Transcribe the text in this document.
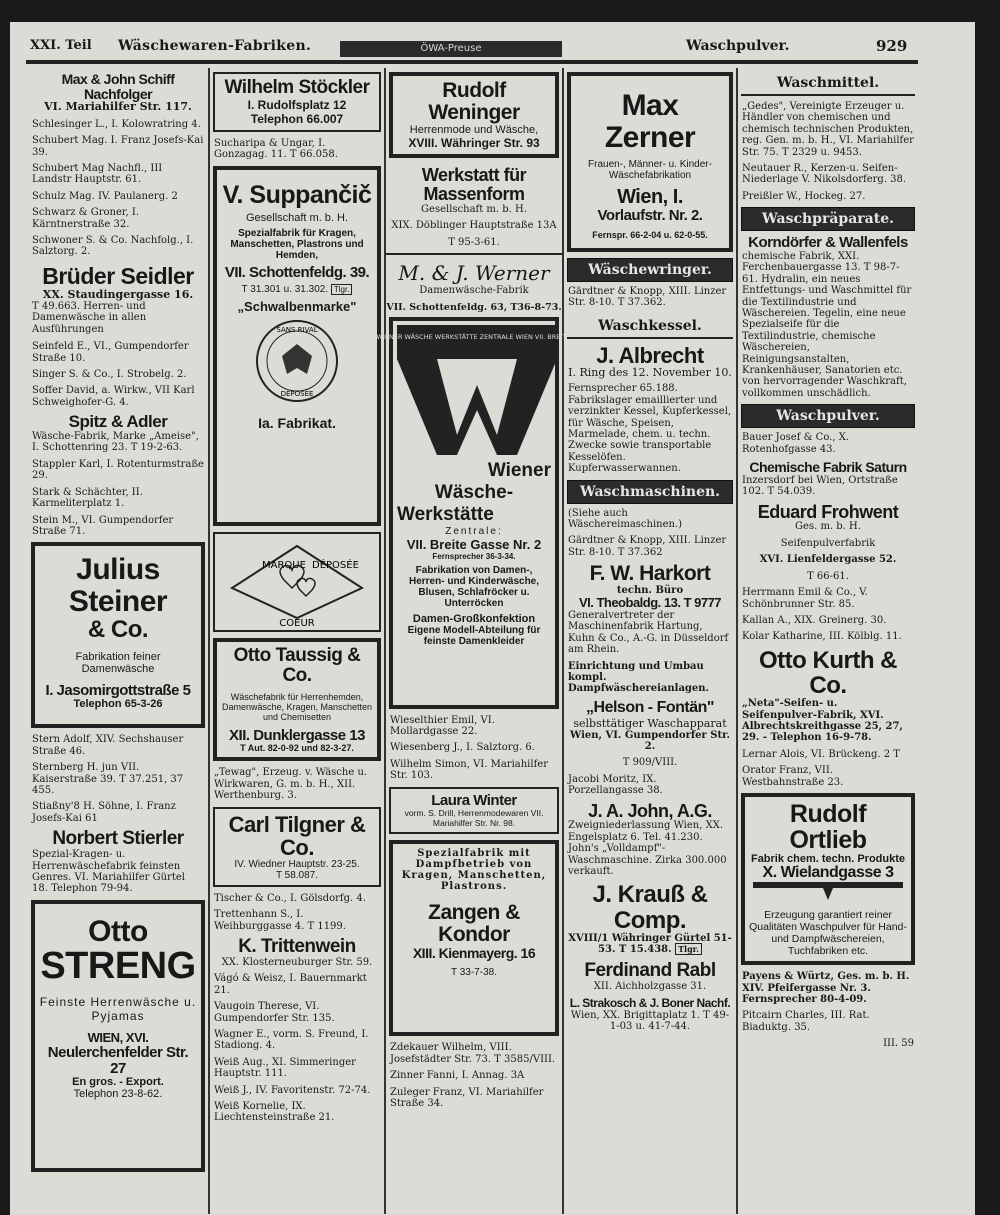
XXI. Teil Wäschewaren-Fabriken.	ÖWA-Preuse	Waschpulver.	929
Max & John Schiff
Nachfolger
VI. Mariahilfer Str. 117.
Schlesinger L., I. Kolowratring 4.
Schubert Mag. I. Franz Josefs-Kai 39.
Schubert Mag Nachfl., III Landstr Hauptstr. 61.
Schulz Mag. IV. Paulanerg. 2
Schwarz & Groner, I. Kärntnerstraße 32.
Schwoner S. & Co. Nachfolg., I. Salztorg. 2.
Brüder Seidler
XX. Staudingergasse 16.
T 49.663. Herren- und Damenwäsche in allen Ausführungen
Seinfeld E., VI., Gumpendorfer Straße 10.
Singer S. & Co., I. Strobelg. 2.
Soffer David, a. Wirkw., VII Karl Schweighofer-G. 4.
Spitz & Adler
Wäsche-Fabrik, Marke „Ameise", I. Schottenring 23. T 19-2-63.
Stappler Karl, I. Rotenturmstraße 29.
Stark & Schächter, II. Karmeliterplatz 1.
Stein M., VI. Gumpendorfer Straße 71.
Julius Steiner
& Co.
Fabrikation feiner Damenwäsche
I. Jasomirgottstraße 5
Telephon 65-3-26
Stern Adolf, XIV. Sechshauser Straße 46.
Sternberg H. jun VII. Kaiserstraße 39. T 37.251, 37 455.
Stiaßny'8 H. Söhne, I. Franz Josefs-Kai 61
Norbert Stierler
Spezial-Kragen- u. Herrenwäschefabrik feinsten Genres. VI. Mariahilfer Gürtel 18. Telephon 79-94.
Otto
STRENG
Feinste Herrenwäsche u. Pyjamas
WIEN, XVI.
Neulerchenfelder Str. 27
En gros. - Export.
Telephon 23-8-62.
Wilhelm Stöckler
I. Rudolfsplatz 12
Telephon 66.007
Sucharipa & Ungar, I. Gonzagag. 11. T 66.058.
V. Suppančič
Gesellschaft m. b. H.
Spezialfabrik für Kragen, Manschetten, Plastrons und Hemden,
VII. Schottenfeldg. 39.
T 31.301 u. 31.302. Tlgr.
„Schwalbenmarke"
SANS RIVAL
DEPOSÉE
Ia. Fabrikat.
MARQUE DÉPOSÉE
COEUR
Otto Taussig & Co.
Wäschefabrik für Herrenhemden, Damenwäsche, Kragen, Manschetten und Chemisetten
XII. Dunklergasse 13
T Aut. 82-0-92 und 82-3-27.
„Tewag", Erzeug. v. Wäsche u. Wirkwaren, G. m. b. H., XII. Werthenburg. 3.
Carl Tilgner & Co.
IV. Wiedner Hauptstr. 23-25.
T 58.087.
Tischer & Co., I. Gölsdorfg. 4.
Trettenhann S., I. Weihburggasse 4. T 1199.
K. Trittenwein
XX. Klosterneuburger Str. 59.
Vágó & Weisz, I. Bauernmarkt 21.
Vaugoin Therese, VI. Gumpendorfer Str. 135.
Wagner E., vorm. S. Freund, I. Stadiong. 4.
Weiß Aug., XI. Simmeringer Hauptstr. 111.
Weiß J., IV. Favoritenstr. 72-74.
Weiß Kornelie, IX. Liechtensteinstraße 21.
Rudolf Weninger
Herrenmode und Wäsche,
XVIII. Währinger Str. 93
Werkstatt für Massenform
Gesellschaft m. b. H.
XIX. Döblinger Hauptstraße 13A
T 95-3-61.
M. & J. Werner
Damenwäsche-Fabrik
VII. Schottenfeldg. 63, T36-8-73.
WIENER WÄSCHE WERKSTÄTTE ZENTRALE WIEN VII. BREITEG.
Wiener
Wäsche-
Werkstätte
Zentrale:
VII. Breite Gasse Nr. 2
Fernsprecher 36-3-34.
Fabrikation von Damen-, Herren- und Kinderwäsche, Blusen, Schlafröcker u. Unterröcken
Damen-Großkonfektion
Eigene Modell-Abteilung für feinste Damenkleider
Wieselthier Emil, VI. Mollardgasse 22.
Wiesenberg J., I. Salztorg. 6.
Wilhelm Simon, VI. Mariahilfer Str. 103.
Laura Winter
vorm. S. Drill, Herrenmodewaren VII. Mariahilfer Str. Nr. 98.
Spezialfabrik mit Dampfbetrieb von Kragen, Manschetten, Plastrons.
Zangen & Kondor
XIII. Kienmayerg. 16
T 33-7-38.
Zdekauer Wilhelm, VIII. Josefstädter Str. 73. T 3585/VIII.
Zinner Fanni, I. Annag. 3A
Zuleger Franz, VI. Mariahilfer Straße 34.
Max Zerner
Frauen-, Männer- u. Kinder-Wäschefabrikation
Wien, I.
Vorlaufstr. Nr. 2.
Fernspr. 66-2-04 u. 62-0-55.
Wäschewringer.
Gärdtner & Knopp, XIII. Linzer Str. 8-10. T 37.362.
Waschkessel.
J. Albrecht
I. Ring des 12. November 10.
Fernsprecher 65.188. Fabrikslager emaillierter und verzinkter Kessel, Kupferkessel, für Wäsche, Speisen, Marmelade, chem. u. techn. Zwecke sowie transportable Kesselöfen. Kupferwasserwannen.
Waschmaschinen.
(Siehe auch Wäschereimaschinen.)
Gärdtner & Knopp, XIII. Linzer Str. 8-10. T 37.362
F. W. Harkort
techn. Büro
VI. Theobaldg. 13. T 9777
Generalvertreter der Maschinenfabrik Hartung, Kuhn & Co., A.-G. in Düsseldorf am Rhein.
Einrichtung und Umbau kompl. Dampfwäschereianlagen.
„Helson - Fontän"
selbsttätiger Waschapparat
Wien, VI. Gumpendorfer Str. 2.
T 909/VIII.
Jacobi Moritz, IX. Porzellangasse 38.
J. A. John, A.G.
Zweigniederlassung Wien, XX. Engelsplatz 6. Tel. 41.230. John's „Volldampf"-Waschmaschine. Zirka 300.000 verkauft.
J. Krauß & Comp.
XVIII/1 Währinger Gürtel 51-53. T 15.438. Tlgr.
Ferdinand Rabl
XII. Aichholzgasse 31.
L. Strakosch & J. Boner Nachf.
Wien, XX. Brigittaplatz 1. T 49-1-03 u. 41-7-44.
Waschmittel.
„Gedes", Vereinigte Erzeuger u. Händler von chemischen und chemisch technischen Produkten, reg. Gen. m. b. H., VI. Mariahilfer Str. 75. T 2329 u. 9453.
Neutauer R., Kerzen-u. Seifen-Niederlage V. Nikolsdorferg. 38.
Preißler W., Hockeg. 27.
Waschpräparate.
Korndörfer & Wallenfels
chemische Fabrik, XXI. Ferchenbauergasse 13. T 98-7-61. Hydralin, ein neues Entfettungs- und Waschmittel für die Textilindustrie und Wäschereien. Tegelin, eine neue Spezialseife für die Textilindustrie, chemische Wäschereien, Reinigungsanstalten, Krankenhäuser, Sanatorien etc. von hervorragender Waschkraft, vollkommen unschädlich.
Waschpulver.
Bauer Josef & Co., X. Rotenhofgasse 43.
Chemische Fabrik Saturn
Inzersdorf bei Wien, Ortstraße 102. T 54.039.
Eduard Frohwent
Ges. m. b. H.
Seifenpulverfabrik
XVI. Lienfeldergasse 52.
T 66-61.
Herrmann Emil & Co., V. Schönbrunner Str. 85.
Kallan A., XIX. Greinerg. 30.
Kolar Katharine, III. Kölblg. 11.
Otto Kurth & Co.
„Neta"-Seifen- u. Seifenpulver-Fabrik, XVI. Albrechtskreithgasse 25, 27, 29. - Telephon 16-9-78.
Lernar Alois, VI. Brückeng. 2 T
Orator Franz, VII. Westbahnstraße 23.
Rudolf Ortlieb
Fabrik chem. techn. Produkte
X. Wielandgasse 3
Erzeugung garantiert reiner Qualitäten Waschpulver für Hand- und Dampfwäschereien, Tuchfabriken etc.
Payens & Würtz, Ges. m. b. H. XIV. Pfeifergasse Nr. 3. Fernsprecher 80-4-09.
Pitcairn Charles, III. Rat. Biaduktg. 35.
III. 59
